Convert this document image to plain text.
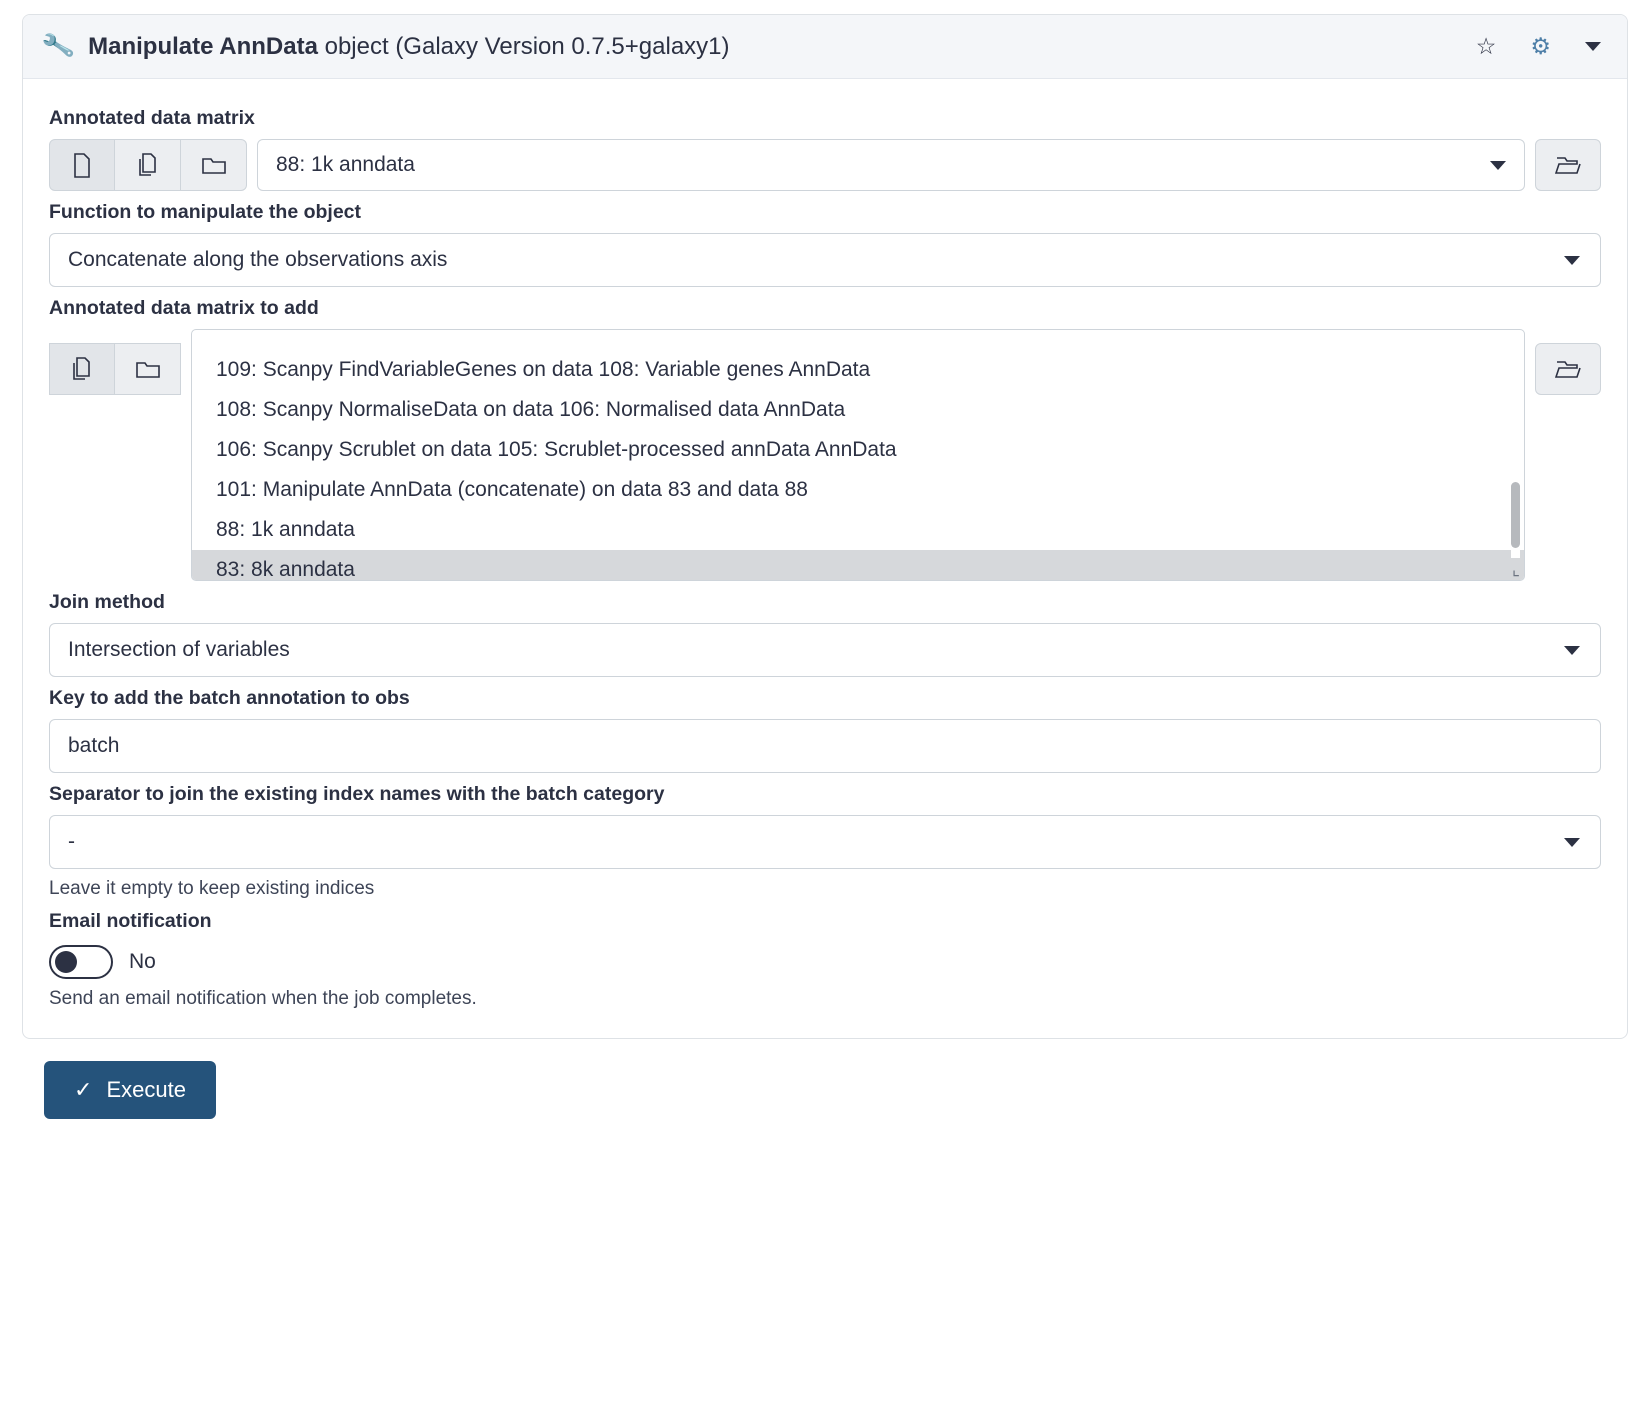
🔧 Manipulate AnnData object (Galaxy Version 0.7.5+galaxy1)	☆ ⚙
Annotated data matrix
88: 1k anndata
Function to manipulate the object
Concatenate along the observations axis
Annotated data matrix to add
109: Scanpy FindVariableGenes on data 108: Variable genes AnnData
108: Scanpy NormaliseData on data 106: Normalised data AnnData
106: Scanpy Scrublet on data 105: Scrublet-processed annData AnnData
101: Manipulate AnnData (concatenate) on data 83 and data 88
88: 1k anndata
83: 8k anndata	⌞
Join method
Intersection of variables
Key to add the batch annotation to obs
batch
Separator to join the existing index names with the batch category
-
Leave it empty to keep existing indices
Email notification
No
Send an email notification when the job completes.
✓ Execute
